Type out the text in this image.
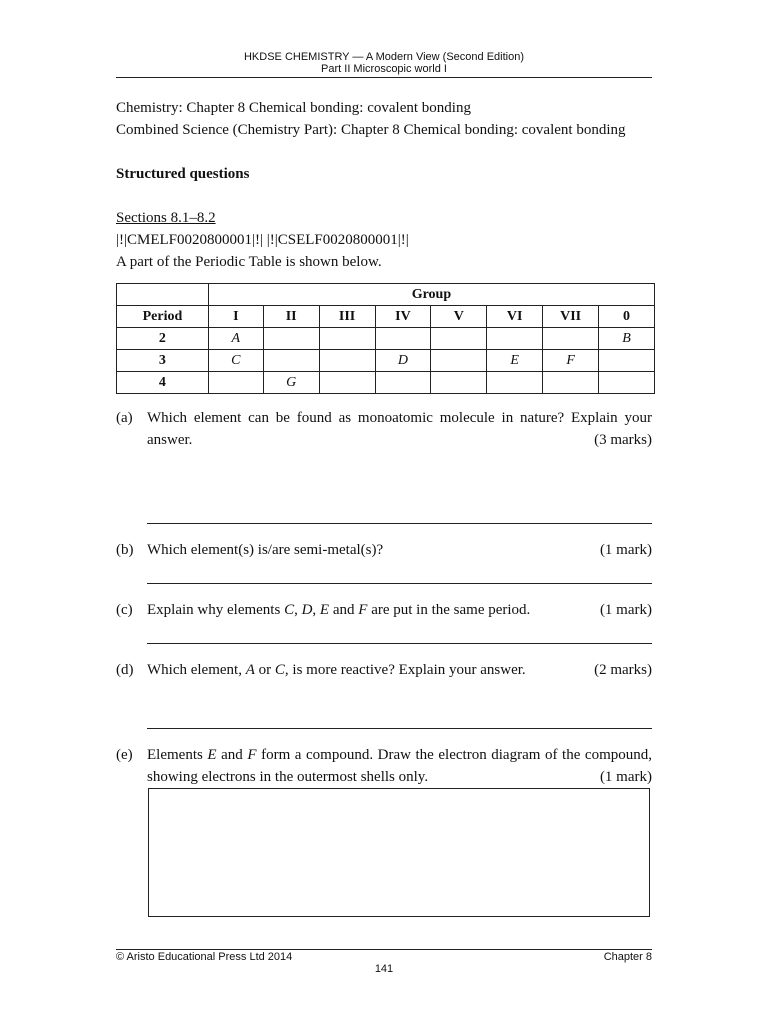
HKDSE CHEMISTRY — A Modern View (Second Edition)
Part II Microscopic world I
Chemistry: Chapter 8 Chemical bonding: covalent bonding
Combined Science (Chemistry Part): Chapter 8 Chemical bonding: covalent bonding
Structured questions
Sections 8.1–8.2
|!|CMELF0020800001|!| |!|CSELF0020800001|!|
A part of the Periodic Table is shown below.
	Group							
Period	I	II	III	IV	V	VI	VII	0
2	A							B
3	C			D		E	F	
4		G						
(a) Which element can be found as monoatomic molecule in nature? Explain your answer.	(3 marks)
(b) Which element(s) is/are semi-metal(s)?	(1 mark)
(c) Explain why elements C, D, E and F are put in the same period.	(1 mark)
(d) Which element, A or C, is more reactive? Explain your answer.	(2 marks)
(e) Elements E and F form a compound. Draw the electron diagram of the compound, showing electrons in the outermost shells only.	(1 mark)
© Aristo Educational Press Ltd 2014	Chapter 8
141
